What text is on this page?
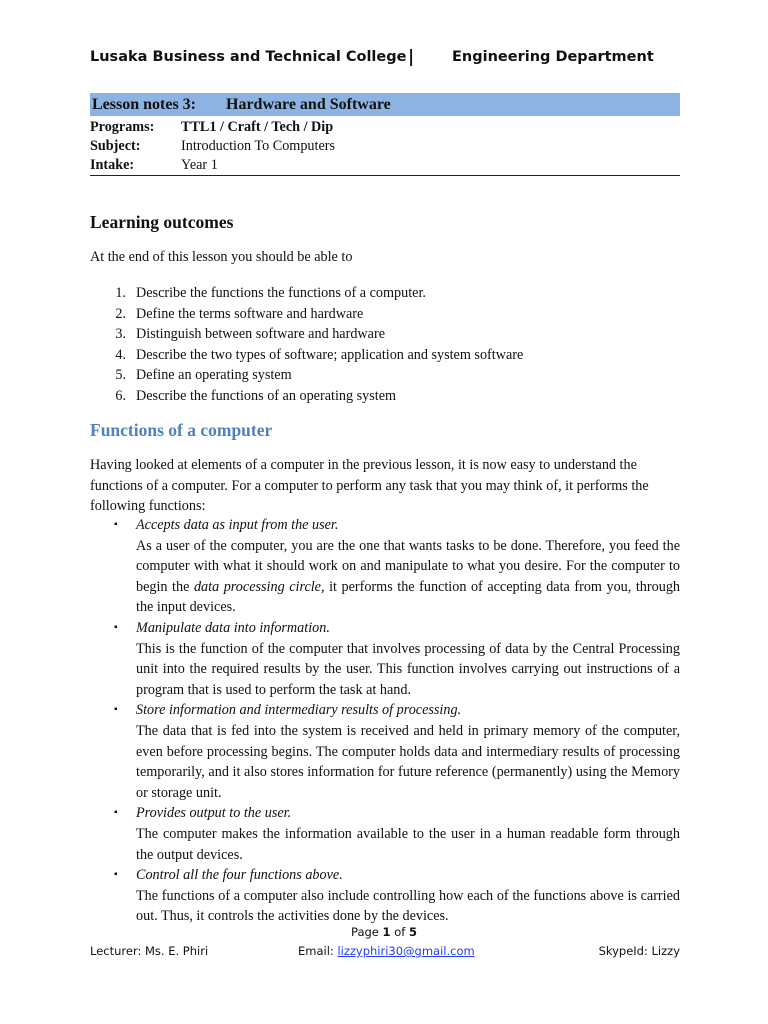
Lusaka Business and Technical College |	Engineering Department
Lesson notes 3: Hardware and Software
Programs: TTL1 / Craft / Tech / Dip
Subject:	Introduction To Computers
Intake:	Year 1
Learning outcomes
At the end of this lesson you should be able to
1. Describe the functions the functions of a computer.
2. Define the terms software and hardware
3. Distinguish between software and hardware
4. Describe the two types of software; application and system software
5. Define an operating system
6. Describe the functions of an operating system
Functions of a computer
Having looked at elements of a computer in the previous lesson, it is now easy to understand the functions of a computer. For a computer to perform any task that you may think of, it performs the following functions:
▪ Accepts data as input from the user.
As a user of the computer, you are the one that wants tasks to be done. Therefore, you feed the computer with what it should work on and manipulate to what you desire. For the computer to begin the data processing circle, it performs the function of accepting data from you, through the input devices.
▪ Manipulate data into information.
This is the function of the computer that involves processing of data by the Central Processing unit into the required results by the user. This function involves carrying out instructions of a program that is used to perform the task at hand.
▪ Store information and intermediary results of processing.
The data that is fed into the system is received and held in primary memory of the computer, even before processing begins. The computer holds data and intermediary results of processing temporarily, and it also stores information for future reference (permanently) using the Memory or storage unit.
▪ Provides output to the user.
The computer makes the information available to the user in a human readable form through the output devices.
▪ Control all the four functions above.
The functions of a computer also include controlling how each of the functions above is carried out. Thus, it controls the activities done by the devices.
Page 1 of 5
Lecturer: Ms. E. Phiri	Email: lizzyphiri30@gmail.com	SkypeId: Lizzy
